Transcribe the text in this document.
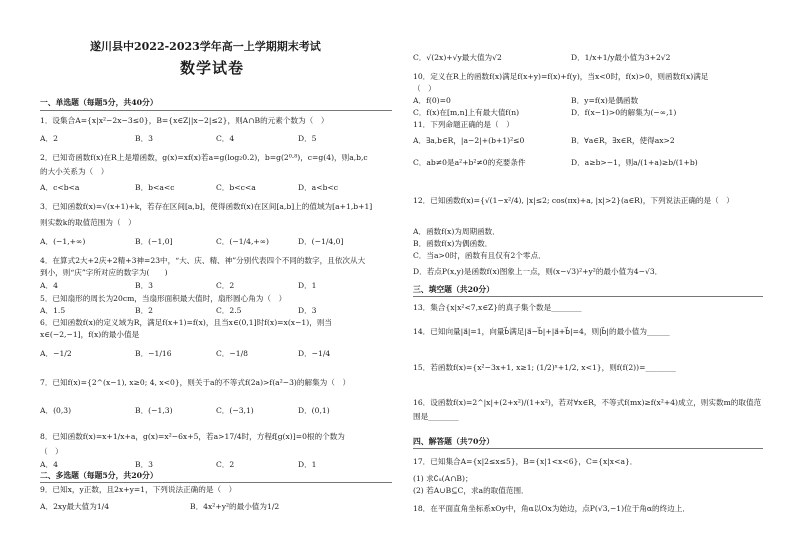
遂川县中2022-2023学年高一上学期期末考试
数学试卷
一、单选题（每题5分，共40分）
1．设集合A={x|x²−2x−3≤0}，B={x∈Z||x−2|≤2}，则A∩B的元素个数为（　）
A．2	B．3	C．4	D．5
2．已知奇函数f(x)在R上是增函数，g(x)=xf(x)若a=g(log₂0.2)，b=g(2⁰·⁸)，c=g(4)，则a,b,c
的大小关系为（　）
A．c<b<a	B．b<a<c	C．b<c<a	D．a<b<c
3．已知函数f(x)=√(x+1)+k，若存在区间[a,b]，使得函数f(x)在区间[a,b]上的值域为[a+1,b+1]
则实数k的取值范围为（　）
A．(−1,+∞)	B．(−1,0]	C．(−1/4,+∞)	D．(−1/4,0]
4．在算式2大+2庆+2精+3神=23中，“大、庆、精、神”分别代表四个不同的数字，且依次从大
到小，则“庆”字所对应的数字为(　　)
A．4	B．3	C．2	D．1
5．已知扇形的周长为20cm，当扇形面积最大值时，扇形圆心角为（　）
A．1.5	B．2	C．2.5	D．3
6．已知函数f(x)的定义域为R，满足f(x+1)=f(x)，且当x∈(0,1]时f(x)=x(x−1)，则当
x∈(−2,−1]，f(x)的最小值是
A．−1/2	B．−1/16	C．−1/8	D．−1/4
7．已知f(x)={2^(x−1), x≥0; 4, x<0}，则关于a的不等式f(2a)>f(a²−3)的解集为（　）
A．(0,3)	B．(−1,3)	C．(−3,1)	D．(0,1)
8．已知函数f(x)=x+1/x+a，g(x)=x²−6x+5，若a>17/4时，方程f[g(x)]=0根的个数为
（　）
A．4	B．3	C．2	D．1
二、多选题（每题5分，共20分）
9．已知x，y正数，且2x+y=1，下列说法正确的是（　）
A．2xy最大值为1/4	B．4x²+y²的最小值为1/2
C．√(2x)+√y最大值为√2	D．1/x+1/y最小值为3+2√2
10．定义在R上的函数f(x)满足f(x+y)=f(x)+f(y)，当x<0时，f(x)>0，则函数f(x)满足
（　）
A．f(0)=0	B．y=f(x)是偶函数
C．f(x)在[m,n]上有最大值f(n)	D．f(x−1)>0的解集为(−∞,1)
11．下列命题正确的是（　）
A．∃a,b∈R，|a−2|+(b+1)²≤0	B．∀a∈R，∃x∈R，使得ax>2
C．ab≠0是a²+b²≠0的充要条件	D．a≥b>−1，则a/(1+a)≥b/(1+b)
12．已知函数f(x)={√(1−x²/4), |x|≤2; cos(πx)+a, |x|>2}(a∈R)，下列说法正确的是（　）
A．函数f(x)为周期函数．
B．函数f(x)为偶函数．
C．当a>0时，函数有且仅有2个零点．
D．若点P(x,y)是函数f(x)图象上一点，则(x−√3)²+y²的最小值为4−√3．
三、填空题（共20分）
13．集合{x|x²<7,x∈Z}的真子集个数是________
14．已知向量|a⃗|=1，向量b⃗满足|a⃗−b⃗|+|a⃗+b⃗|=4，则|b⃗|的最小值为______
15．若函数f(x)={x²−3x+1, x≥1; (1/2)ˣ+1/2, x<1}，则f(f(2))=________
16．设函数f(x)=2^|x|+(2+x²)/(1+x²)，若对∀x∈R，不等式f(mx)≥f(x²+4)成立，则实数m的取值范
围是________
四、解答题（共70分）
17．已知集合A={x|2≤x≤5}，B={x|1<x<6}，C={x|x<a}．
(1) 求∁ᵤ(A∩B)；
(2) 若A∪B⊆C，求a的取值范围．
18．在平面直角坐标系xOy中，角α以Ox为始边，点P(√3,−1)位于角α的终边上．
